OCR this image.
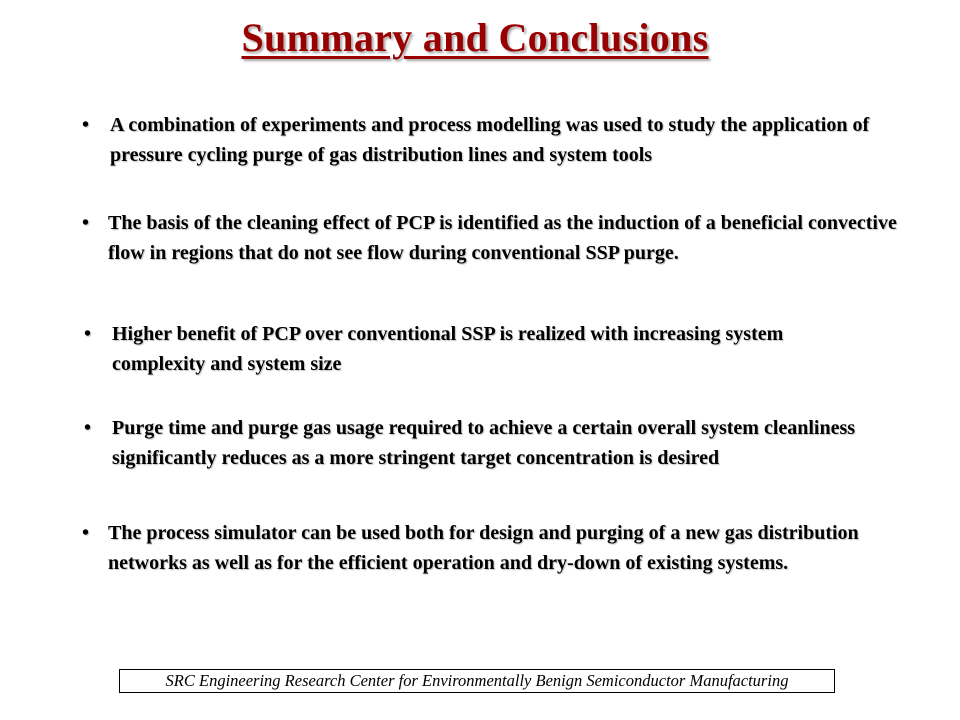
Summary and Conclusions
• A combination of experiments and process modelling was used to study the application of pressure cycling purge of gas distribution lines and system tools
• The basis of the cleaning effect of PCP is identified as the induction of a beneficial convective flow in regions that do not see flow during conventional SSP purge.
• Higher benefit of PCP over conventional SSP is realized with increasing system complexity and system size
• Purge time and purge gas usage required to achieve a certain overall system cleanliness significantly reduces as a more stringent target concentration is desired
• The process simulator can be used both for design and purging of a new gas distribution networks as well as for the efficient operation and dry-down of existing systems.
SRC Engineering Research Center for Environmentally Benign Semiconductor Manufacturing
